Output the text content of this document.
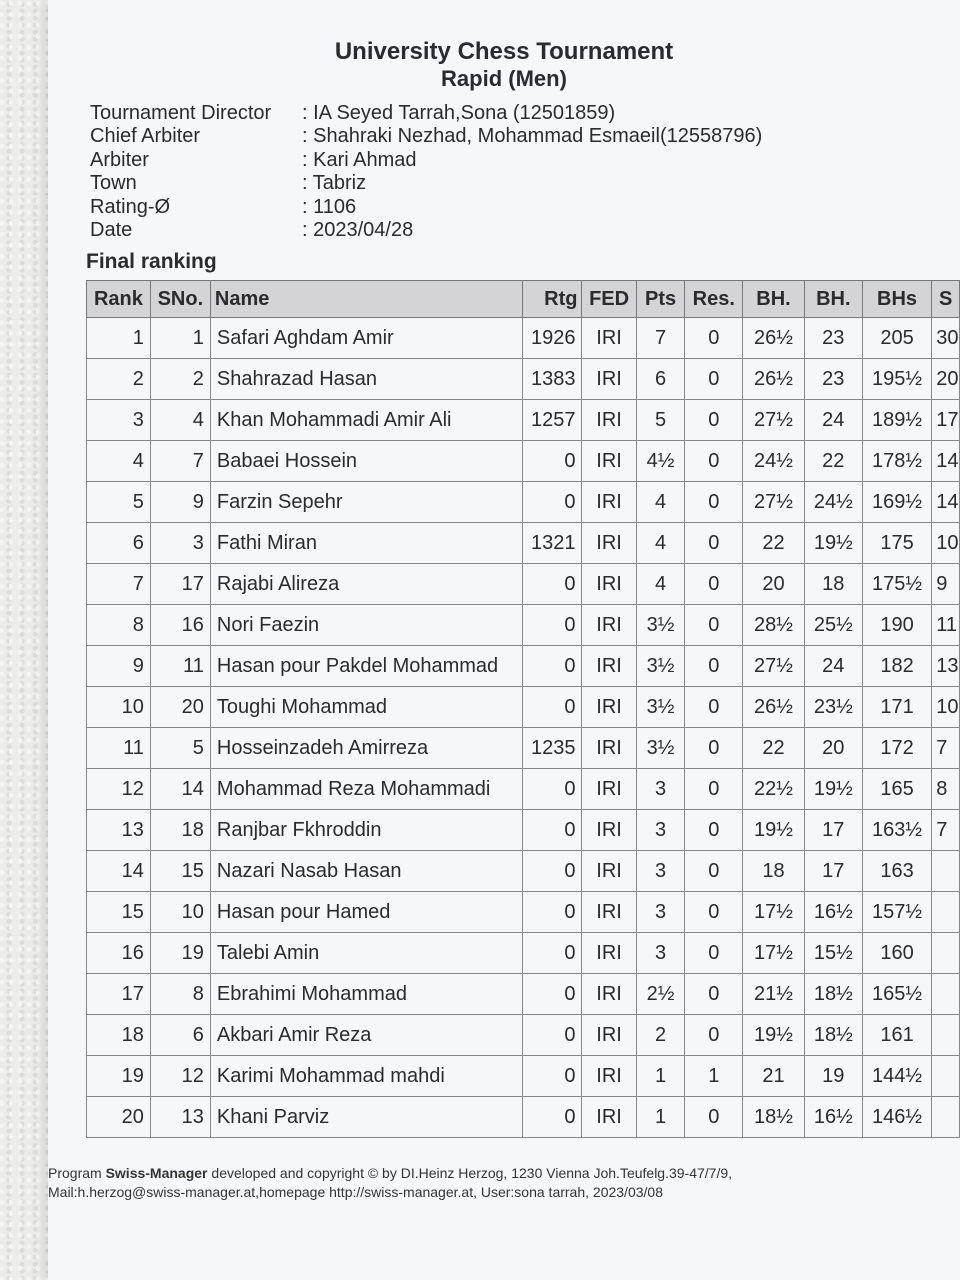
University Chess Tournament
Rapid (Men)
Tournament Director	: IA Seyed Tarrah,Sona (12501859)
Chief Arbiter	: Shahraki Nezhad, Mohammad Esmaeil(12558796)
Arbiter	: Kari Ahmad
Town	: Tabriz
Rating-Ø	: 1106
Date	: 2023/04/28
Final ranking
Rank	SNo.	Name	Rtg	FED	Pts	Res.	BH.	BH.	BHs	S
1	1	Safari Aghdam Amir	1926	IRI	7	0	26½	23	205	30
2	2	Shahrazad Hasan	1383	IRI	6	0	26½	23	195½	20
3	4	Khan Mohammadi Amir Ali	1257	IRI	5	0	27½	24	189½	17
4	7	Babaei Hossein	0	IRI	4½	0	24½	22	178½	14
5	9	Farzin Sepehr	0	IRI	4	0	27½	24½	169½	14
6	3	Fathi Miran	1321	IRI	4	0	22	19½	175	10
7	17	Rajabi Alireza	0	IRI	4	0	20	18	175½	9
8	16	Nori Faezin	0	IRI	3½	0	28½	25½	190	11
9	11	Hasan pour Pakdel Mohammad	0	IRI	3½	0	27½	24	182	13
10	20	Toughi Mohammad	0	IRI	3½	0	26½	23½	171	10
11	5	Hosseinzadeh Amirreza	1235	IRI	3½	0	22	20	172	7
12	14	Mohammad Reza Mohammadi	0	IRI	3	0	22½	19½	165	8
13	18	Ranjbar Fkhroddin	0	IRI	3	0	19½	17	163½	7
14	15	Nazari Nasab Hasan	0	IRI	3	0	18	17	163	
15	10	Hasan pour Hamed	0	IRI	3	0	17½	16½	157½	
16	19	Talebi Amin	0	IRI	3	0	17½	15½	160	
17	8	Ebrahimi Mohammad	0	IRI	2½	0	21½	18½	165½	
18	6	Akbari Amir Reza	0	IRI	2	0	19½	18½	161	
19	12	Karimi Mohammad mahdi	0	IRI	1	1	21	19	144½	
20	13	Khani Parviz	0	IRI	1	0	18½	16½	146½	
Program Swiss-Manager developed and copyright © by DI.Heinz Herzog, 1230 Vienna Joh.Teufelg.39-47/7/9,
Mail:h.herzog@swiss-manager.at,homepage http://swiss-manager.at, User:sona tarrah, 2023/03/08
